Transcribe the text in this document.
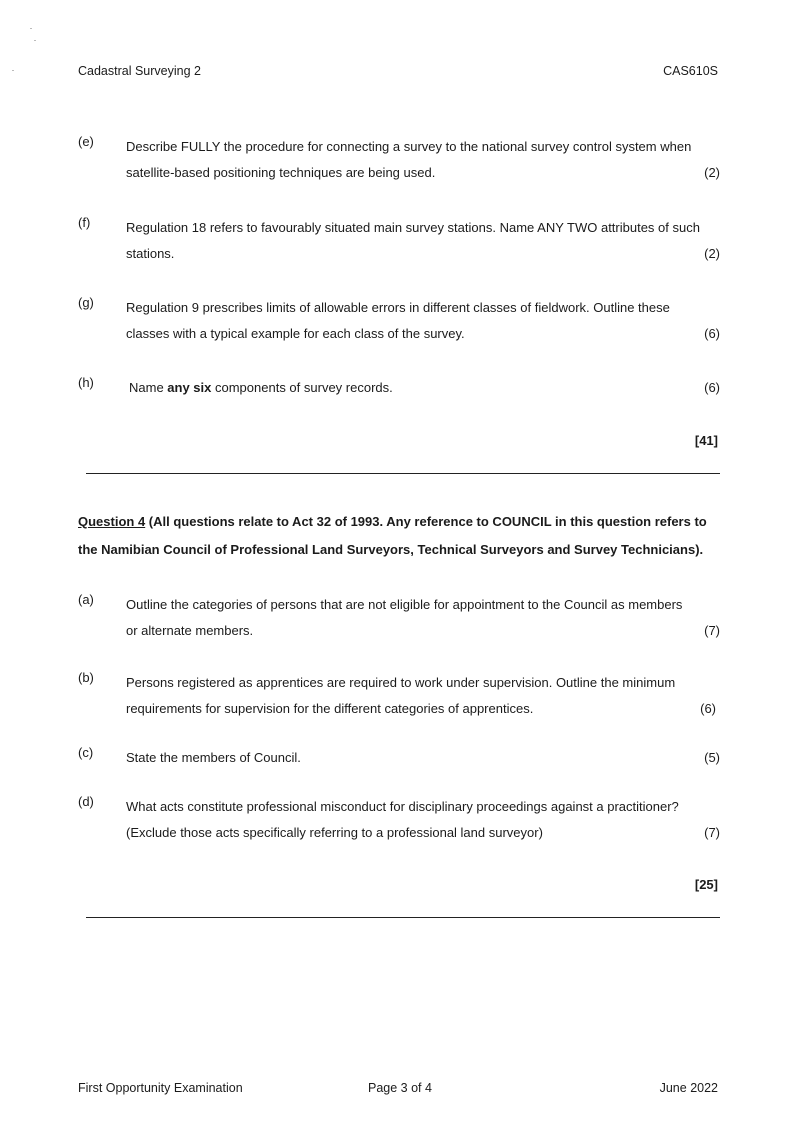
Cadastral Surveying 2	CAS610S
(e)	Describe FULLY the procedure for connecting a survey to the national survey control system when
satellite-based positioning techniques are being used.	(2)
(f)	Regulation 18 refers to favourably situated main survey stations. Name ANY TWO attributes of such
stations.	(2)
(g)	Regulation 9 prescribes limits of allowable errors in different classes of fieldwork. Outline these
classes with a typical example for each class of the survey.	(6)
(h)	Name any six components of survey records.	(6)
[41]
Question 4 (All questions relate to Act 32 of 1993. Any reference to COUNCIL in this question refers to
the Namibian Council of Professional Land Surveyors, Technical Surveyors and Survey Technicians).
(a)	Outline the categories of persons that are not eligible for appointment to the Council as members
or alternate members.	(7)
(b)	Persons registered as apprentices are required to work under supervision. Outline the minimum
requirements for supervision for the different categories of apprentices.	(6)
(c)	State the members of Council.	(5)
(d)	What acts constitute professional misconduct for disciplinary proceedings against a practitioner?
(Exclude those acts specifically referring to a professional land surveyor)	(7)
[25]
First Opportunity Examination	Page 3 of 4	June 2022
